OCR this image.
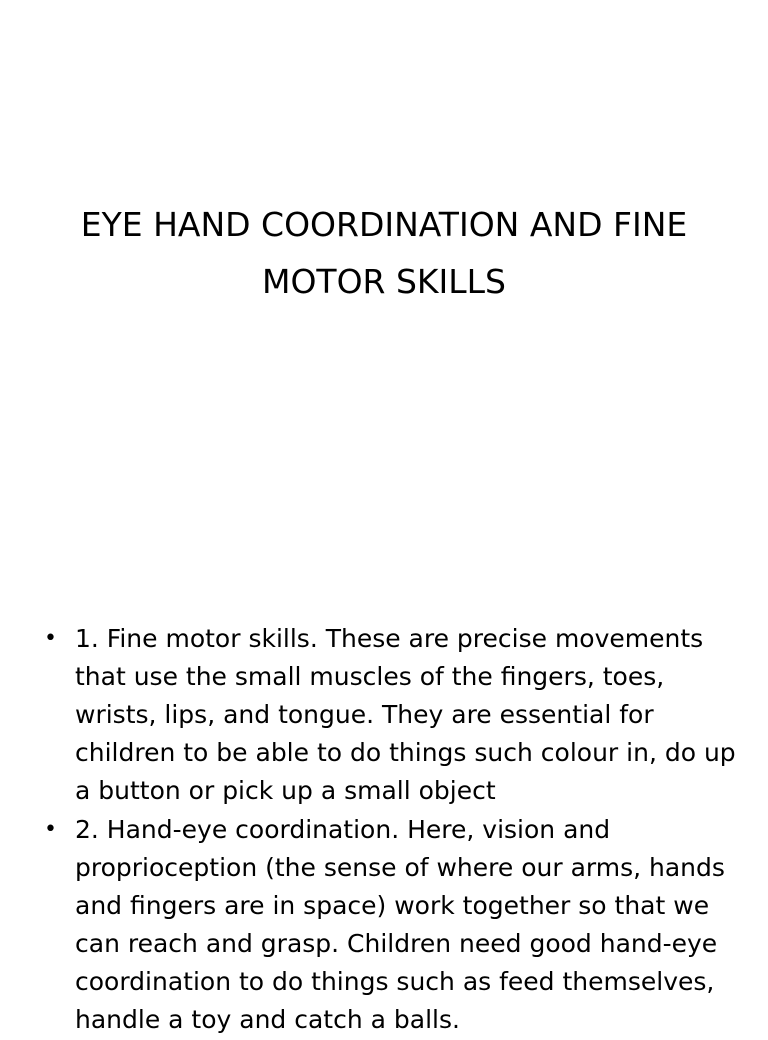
EYE HAND COORDINATION AND FINE MOTOR SKILLS
• 1. Fine motor skills. These are precise movements that use the small muscles of the fingers, toes, wrists, lips, and tongue. They are essential for children to be able to do things such colour in, do up a button or pick up a small object
• 2. Hand-eye coordination. Here, vision and proprioception (the sense of where our arms, hands and fingers are in space) work together so that we can reach and grasp. Children need good hand-eye coordination to do things such as feed themselves, handle a toy and catch a balls.
